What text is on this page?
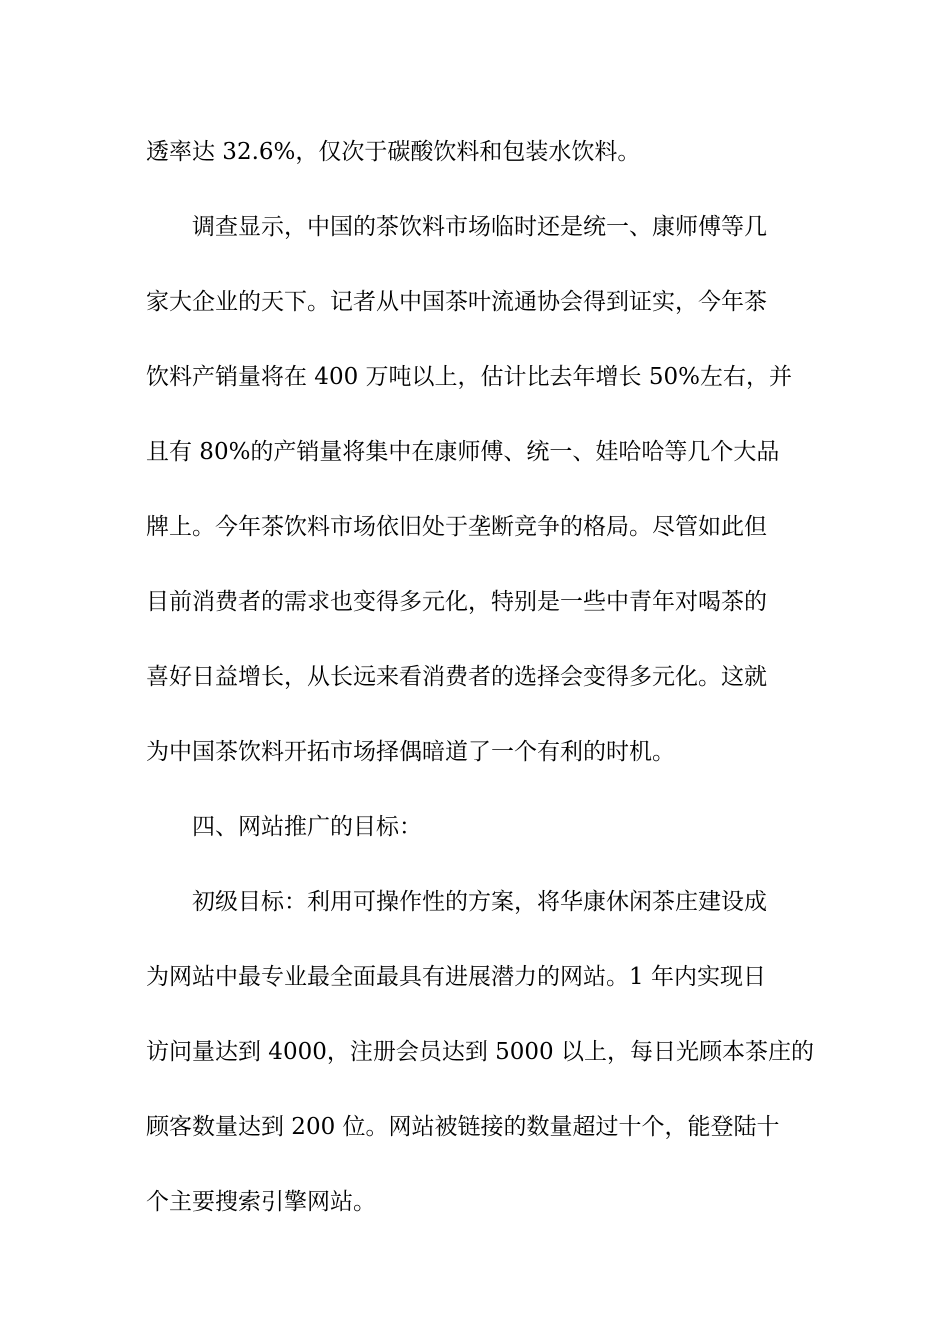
透率达 32.6%，仅次于碳酸饮料和包装水饮料。
调查显示，中国的茶饮料市场临时还是统一、康师傅等几
家大企业的天下。记者从中国茶叶流通协会得到证实，今年茶
饮料产销量将在 400 万吨以上，估计比去年增长 50%左右，并
且有 80%的产销量将集中在康师傅、统一、娃哈哈等几个大品
牌上。今年茶饮料市场依旧处于垄断竞争的格局。尽管如此但
目前消费者的需求也变得多元化，特别是一些中青年对喝茶的
喜好日益增长，从长远来看消费者的选择会变得多元化。这就
为中国茶饮料开拓市场择偶暗道了一个有利的时机。
四、网站推广的目标：
初级目标：利用可操作性的方案，将华康休闲茶庄建设成
为网站中最专业最全面最具有进展潜力的网站。1 年内实现日
访问量达到 4000，注册会员达到 5000 以上，每日光顾本茶庄的
顾客数量达到 200 位。网站被链接的数量超过十个，能登陆十
个主要搜索引擎网站。
